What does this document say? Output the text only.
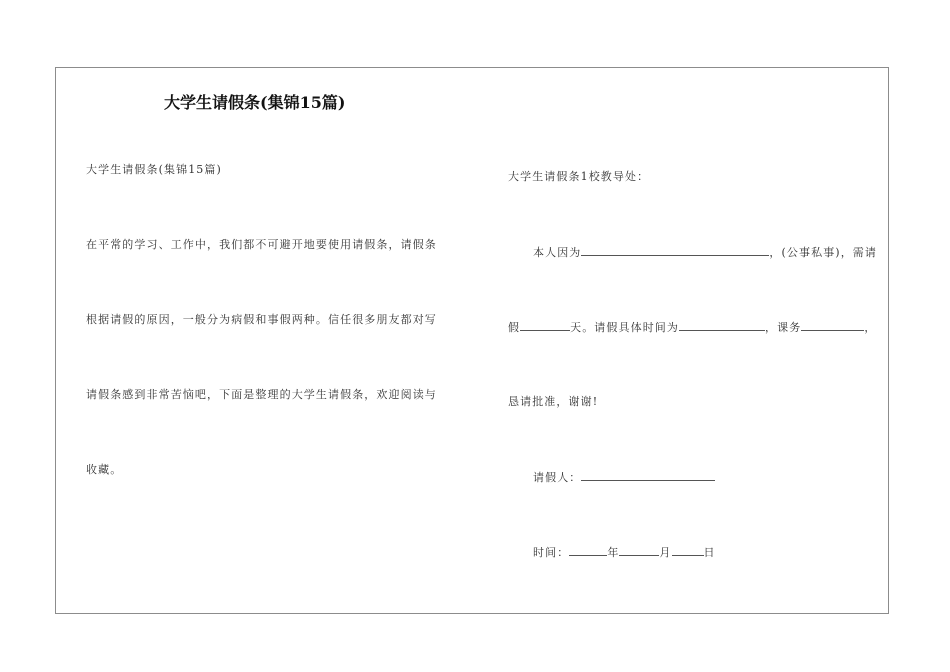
大学生请假条(集锦15篇)
大学生请假条(集锦15篇)
在平常的学习、工作中，我们都不可避开地要使用请假条，请假条
根据请假的原因，一般分为病假和事假两种。信任很多朋友都对写
请假条感到非常苦恼吧，下面是整理的大学生请假条，欢迎阅读与
收藏。
大学生请假条1校教导处：
本人因为	，(公事私事)，需请
假	天。请假具体时间为	，课务	，
恳请批准，谢谢!
请假人：
时间：	年	月	日
